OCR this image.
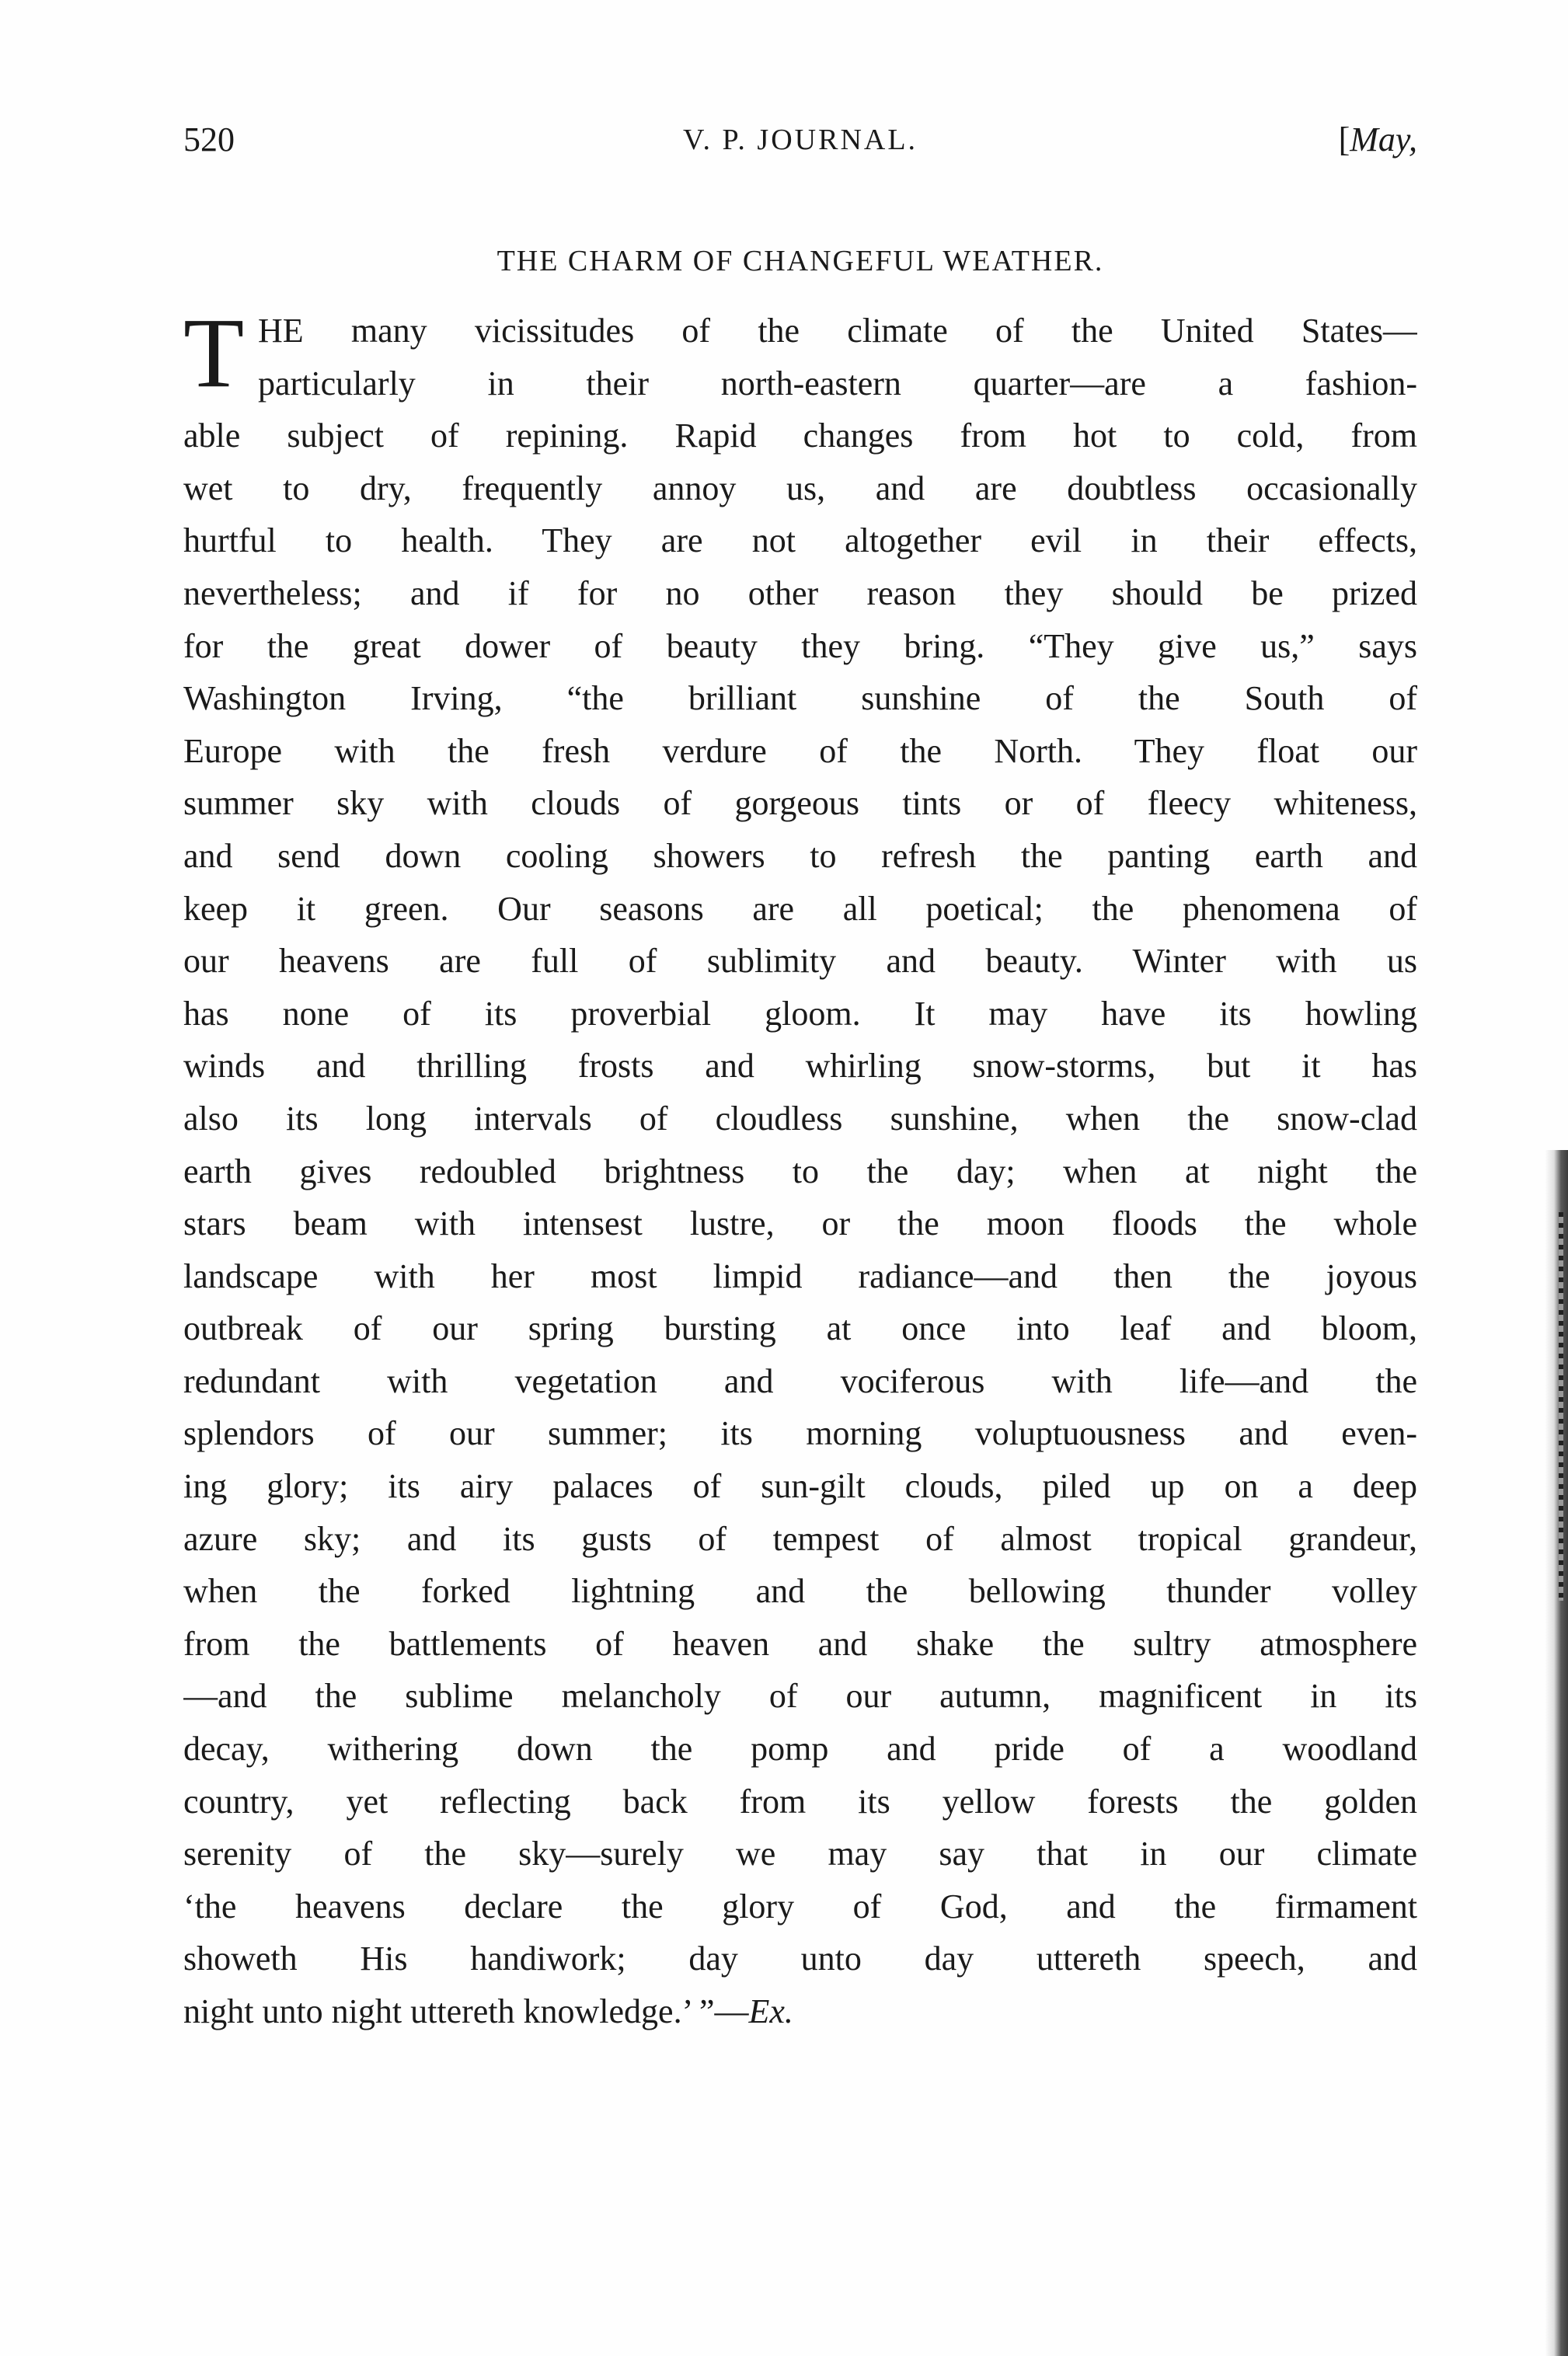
520	V. P. JOURNAL.	[May,
THE CHARM OF CHANGEFUL WEATHER.
T HE many vicissitudes of the climate of the United States—
particularly in their north-eastern quarter—are a fashion-
able subject of repining. Rapid changes from hot to cold, from
wet to dry, frequently annoy us, and are doubtless occasionally
hurtful to health. They are not altogether evil in their effects,
nevertheless; and if for no other reason they should be prized
for the great dower of beauty they bring. “They give us,” says
Washington Irving, “the brilliant sunshine of the South of
Europe with the fresh verdure of the North. They float our
summer sky with clouds of gorgeous tints or of fleecy whiteness,
and send down cooling showers to refresh the panting earth and
keep it green. Our seasons are all poetical; the phenomena of
our heavens are full of sublimity and beauty. Winter with us
has none of its proverbial gloom. It may have its howling
winds and thrilling frosts and whirling snow-storms, but it has
also its long intervals of cloudless sunshine, when the snow-clad
earth gives redoubled brightness to the day; when at night the
stars beam with intensest lustre, or the moon floods the whole
landscape with her most limpid radiance—and then the joyous
outbreak of our spring bursting at once into leaf and bloom,
redundant with vegetation and vociferous with life—and the
splendors of our summer; its morning voluptuousness and even-
ing glory; its airy palaces of sun-gilt clouds, piled up on a deep
azure sky; and its gusts of tempest of almost tropical grandeur,
when the forked lightning and the bellowing thunder volley
from the battlements of heaven and shake the sultry atmosphere
—and the sublime melancholy of our autumn, magnificent in its
decay, withering down the pomp and pride of a woodland
country, yet reflecting back from its yellow forests the golden
serenity of the sky—surely we may say that in our climate
‘the heavens declare the glory of God, and the firmament
showeth His handiwork; day unto day uttereth speech, and
night unto night uttereth knowledge.’ ”—Ex.
